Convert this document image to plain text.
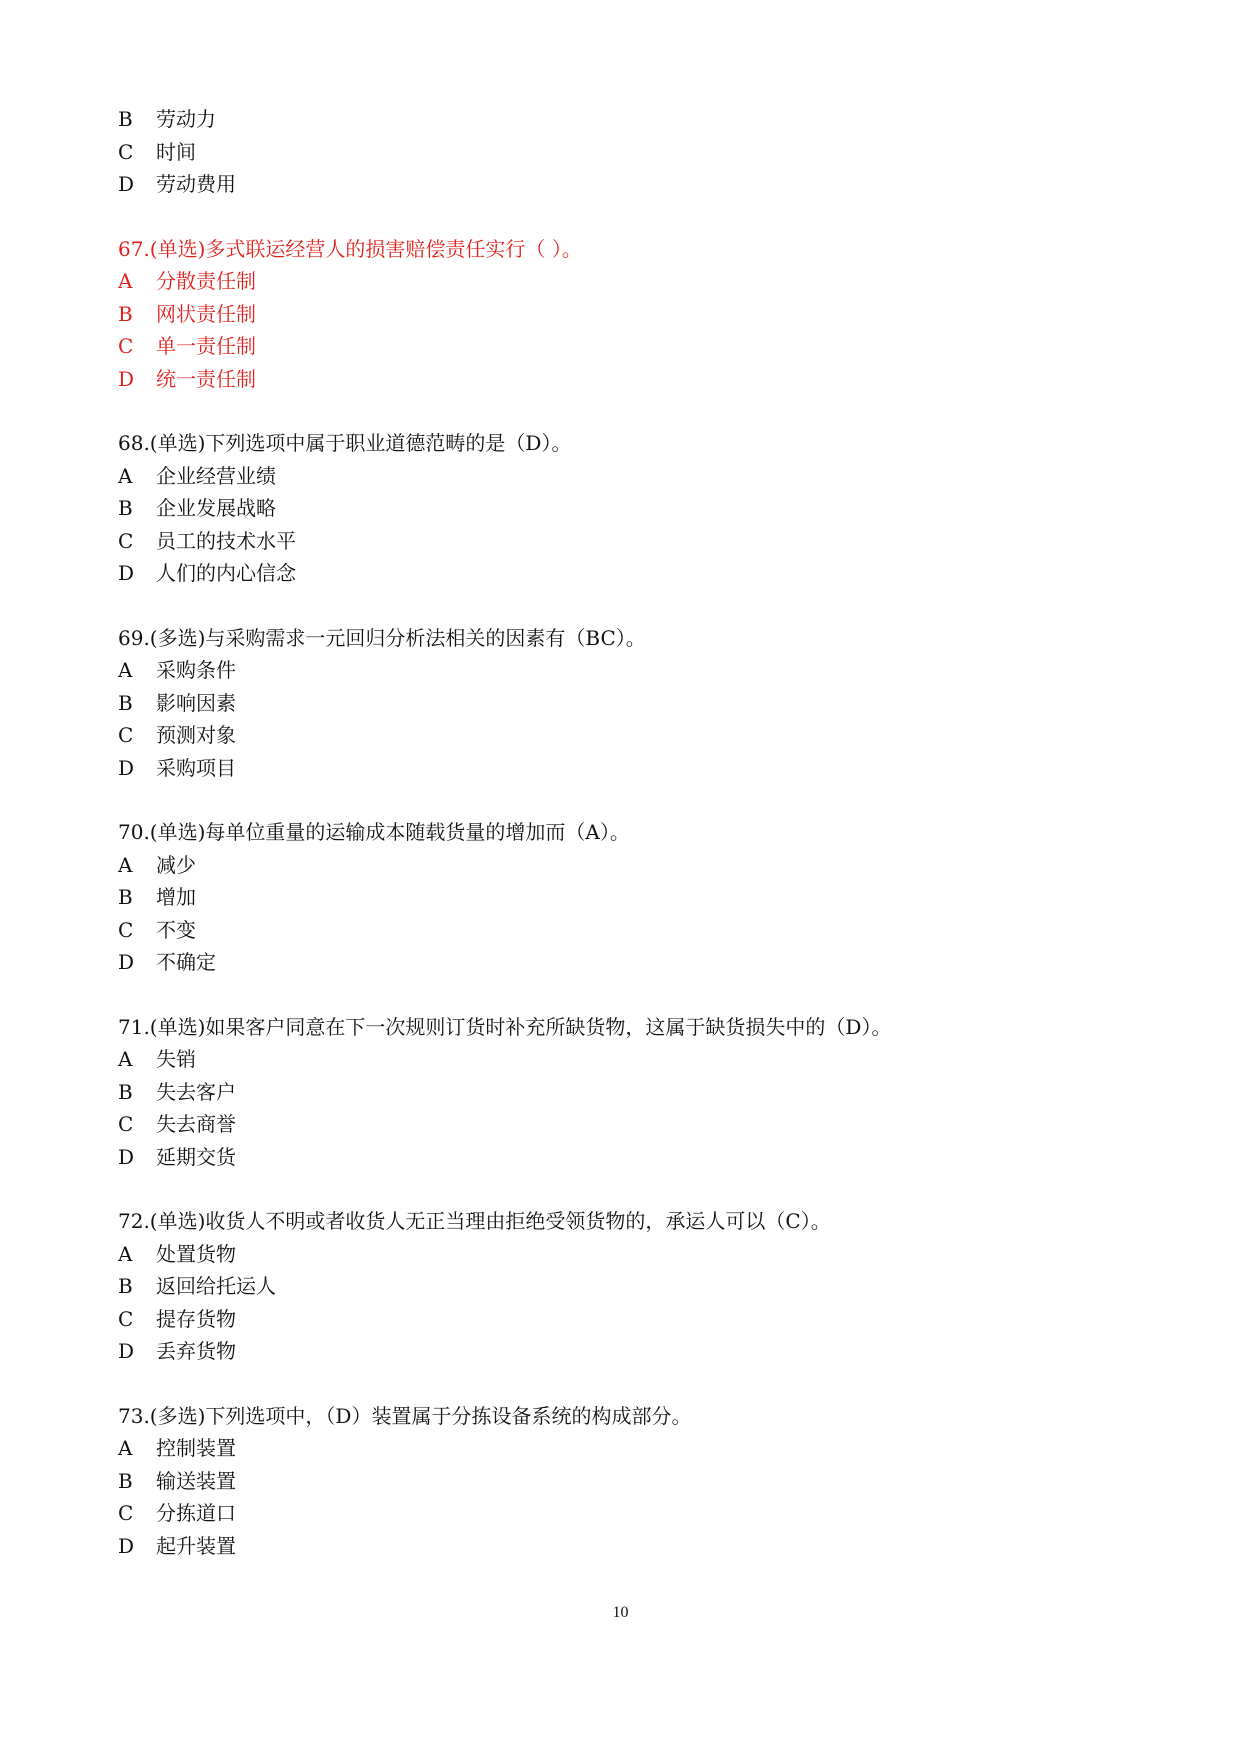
B	劳动力
C	时间
D	劳动费用
67.(单选)多式联运经营人的损害赔偿责任实行（ ）。
A	分散责任制
B	网状责任制
C	单一责任制
D	统一责任制
68.(单选)下列选项中属于职业道德范畴的是（D）。
A	企业经营业绩
B	企业发展战略
C	员工的技术水平
D	人们的内心信念
69.(多选)与采购需求一元回归分析法相关的因素有（BC）。
A	采购条件
B	影响因素
C	预测对象
D	采购项目
70.(单选)每单位重量的运输成本随载货量的增加而（A）。
A	减少
B	增加
C	不变
D	不确定
71.(单选)如果客户同意在下一次规则订货时补充所缺货物，这属于缺货损失中的（D）。
A	失销
B	失去客户
C	失去商誉
D	延期交货
72.(单选)收货人不明或者收货人无正当理由拒绝受领货物的，承运人可以（C）。
A	处置货物
B	返回给托运人
C	提存货物
D	丢弃货物
73.(多选)下列选项中，（D）装置属于分拣设备系统的构成部分。
A	控制装置
B	输送装置
C	分拣道口
D	起升装置
10
